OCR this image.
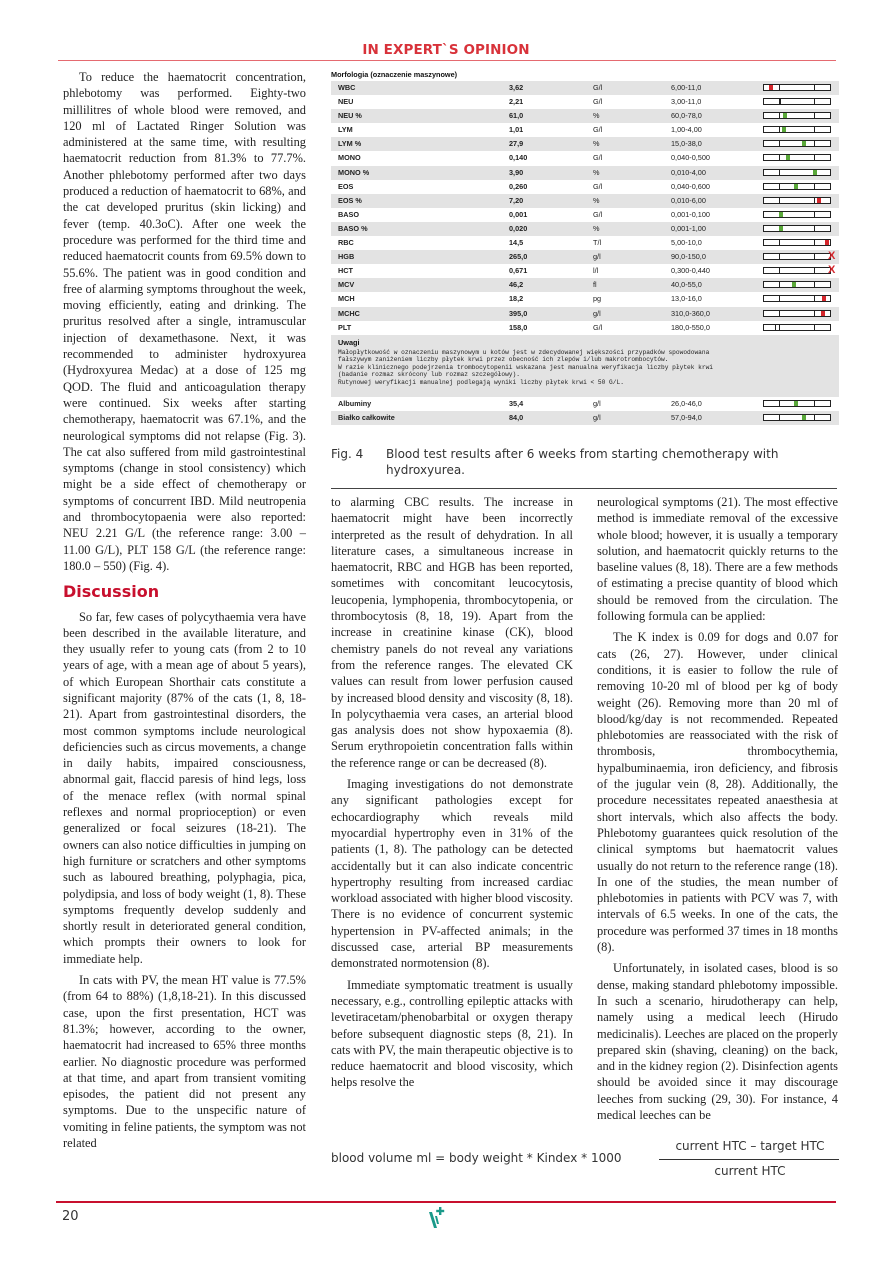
IN EXPERT`S OPINION

To reduce the haematocrit concentration, phlebotomy was performed. Eighty-two millilitres of whole blood were removed, and 120 ml of Lactated Ringer Solution was administered at the same time, with resulting haematocrit reduction from 81.3% to 77.7%. Another phlebotomy performed after two days produced a reduction of haematocrit to 68%, and the cat developed pruritus (skin licking) and fever (temp. 40.3oC). After one week the procedure was performed for the third time and reduced haematocrit counts from 69.5% down to 55.6%. The patient was in good condition and free of alarming symptoms throughout the week, moving efficiently, eating and drinking. The pruritus resolved after a single, intramuscular injection of dexamethasone. Next, it was recommended to administer hydroxyurea (Hydroxyurea Medac) at a dose of 125 mg QOD. The fluid and anticoagulation therapy were continued. Six weeks after starting chemotherapy, haematocrit was 67.1%, and the neurological symptoms did not relapse (Fig. 3). The cat also suffered from mild gastrointestinal symptoms (change in stool consistency) which might be a side effect of chemotherapy or symptoms of concurrent IBD. Mild neutropenia and thrombocytopaenia were also reported: NEU 2.21 G/L (the reference range: 3.00 – 11.00 G/L), PLT 158 G/L (the reference range: 180.0 – 550) (Fig. 4).

Discussion

So far, few cases of polycythaemia vera have been described in the available literature, and they usually refer to young cats (from 2 to 10 years of age, with a mean age of about 5 years), of which European Shorthair cats constitute a significant majority (87% of the cats (1, 8, 18-21). Apart from gastrointestinal disorders, the most common symptoms include neurological deficiencies such as circus movements, a change in daily habits, impaired consciousness, abnormal gait, flaccid paresis of hind legs, loss of the menace reflex (with normal spinal reflexes and normal proprioception) or even generalized or focal seizures (18-21). The owners can also notice difficulties in jumping on high furniture or scratchers and other symptoms such as laboured breathing, polyphagia, pica, polydipsia, and loss of body weight (1, 8). These symptoms frequently develop suddenly and shortly result in deteriorated general condition, which prompts their owners to look for immediate help.

In cats with PV, the mean HT value is 77.5% (from 64 to 88%) (1,8,18-21). In this discussed case, upon the first presentation, HCT was 81.3%; however, according to the owner, haematocrit had increased to 65% three months earlier. No diagnostic procedure was performed at that time, and apart from transient vomiting episodes, the patient did not present any symptoms. Due to the unspecific nature of vomiting in feline patients, the symptom was not related

Morfologia (oznaczenie maszynowe)
WBC	3,62	G/l	6,00-11,0
NEU	2,21	G/l	3,00-11,0
NEU %	61,0	%	60,0-78,0
LYM	1,01	G/l	1,00-4,00
LYM %	27,9	%	15,0-38,0
MONO	0,140	G/l	0,040-0,500
MONO %	3,90	%	0,010-4,00
EOS	0,260	G/l	0,040-0,600
EOS %	7,20	%	0,010-6,00
BASO	0,001	G/l	0,001-0,100
BASO %	0,020	%	0,001-1,00
RBC	14,5	T/l	5,00-10,0
HGB	265,0	g/l	90,0-150,0	X
HCT	0,671	l/l	0,300-0,440	X
MCV	46,2	fl	40,0-55,0
MCH	18,2	pg	13,0-16,0
MCHC	395,0	g/l	310,0-360,0
PLT	158,0	G/l	180,0-550,0
Uwagi
Małopłytkowość w oznaczeniu maszynowym u kotów jest w zdecydowanej większości przypadków spowodowana
fałszywym zaniżeniem liczby płytek krwi przez obecność ich zlepów i/lub makrotrombocytów.
W razie klinicznego podejrzenia trombocytopenii wskazana jest manualna weryfikacja liczby płytek krwi
(badanie rozmaz skrócony lub rozmaz szczegółowy).
Rutynowej weryfikacji manualnej podlegają wyniki liczby płytek krwi < 50 G/L.
Albuminy	35,4	g/l	26,0-46,0
Białko całkowite	84,0	g/l	57,0-94,0
Fig. 4 Blood test results after 6 weeks from starting chemotherapy with hydroxyurea.

to alarming CBC results. The increase in haematocrit might have been incorrectly interpreted as the result of dehydration. In all literature cases, a simultaneous increase in haematocrit, RBC and HGB has been reported, sometimes with concomitant leucocytosis, leucopenia, lymphopenia, thrombocytopenia, or thrombocytosis (8, 18, 19). Apart from the increase in creatinine kinase (CK), blood chemistry panels do not reveal any variations from the reference ranges. The elevated CK values can result from lower perfusion caused by increased blood density and viscosity (8, 18). In polycythaemia vera cases, an arterial blood gas analysis does not show hypoxaemia (8). Serum erythropoietin concentration falls within the reference range or can be decreased (8).

Imaging investigations do not demonstrate any significant pathologies except for echocardiography which reveals mild myocardial hypertrophy even in 31% of the patients (1, 8). The pathology can be detected accidentally but it can also indicate concentric hypertrophy resulting from increased cardiac workload associated with higher blood viscosity. There is no evidence of concurrent systemic hypertension in PV-affected animals; in the discussed case, arterial BP measurements demonstrated normotension (8).

Immediate symptomatic treatment is usually necessary, e.g., controlling epileptic attacks with levetiracetam/phenobarbital or oxygen therapy before subsequent diagnostic steps (8, 21). In cats with PV, the main therapeutic objective is to reduce haematocrit and blood viscosity, which helps resolve the

neurological symptoms (21). The most effective method is immediate removal of the excessive whole blood; however, it is usually a temporary solution, and haematocrit quickly returns to the baseline values (8, 18). There are a few methods of estimating a precise quantity of blood which should be removed from the circulation. The following formula can be applied:

The K index is 0.09 for dogs and 0.07 for cats (26, 27). However, under clinical conditions, it is easier to follow the rule of removing 10-20 ml of blood per kg of body weight (26). Removing more than 20 ml of blood/kg/day is not recommended. Repeated phlebotomies are reassociated with the risk of thrombosis, thrombocythemia, hypalbuminaemia, iron deficiency, and fibrosis of the jugular vein (8, 28). Additionally, the procedure necessitates repeated anaesthesia at short intervals, which also affects the body. Phlebotomy guarantees quick resolution of the clinical symptoms but haematocrit values usually do not return to the reference range (18). In one of the studies, the mean number of phlebotomies in patients with PCV was 7, with intervals of 6.5 weeks. In one of the cats, the procedure was performed 37 times in 18 months (8).

Unfortunately, in isolated cases, blood is so dense, making standard phlebotomy impossible. In such a scenario, hirudotherapy can help, namely using a medical leech (Hirudo medicinalis). Leeches are placed on the properly prepared skin (shaving, cleaning) on the back, and in the kidney region (2). Disinfection agents should be avoided since it may discourage leeches from sucking (29, 30). For instance, 4 medical leeches can be

blood volume ml = body weight * Kindex * 1000
current HTC – target HTC
current HTC
20
